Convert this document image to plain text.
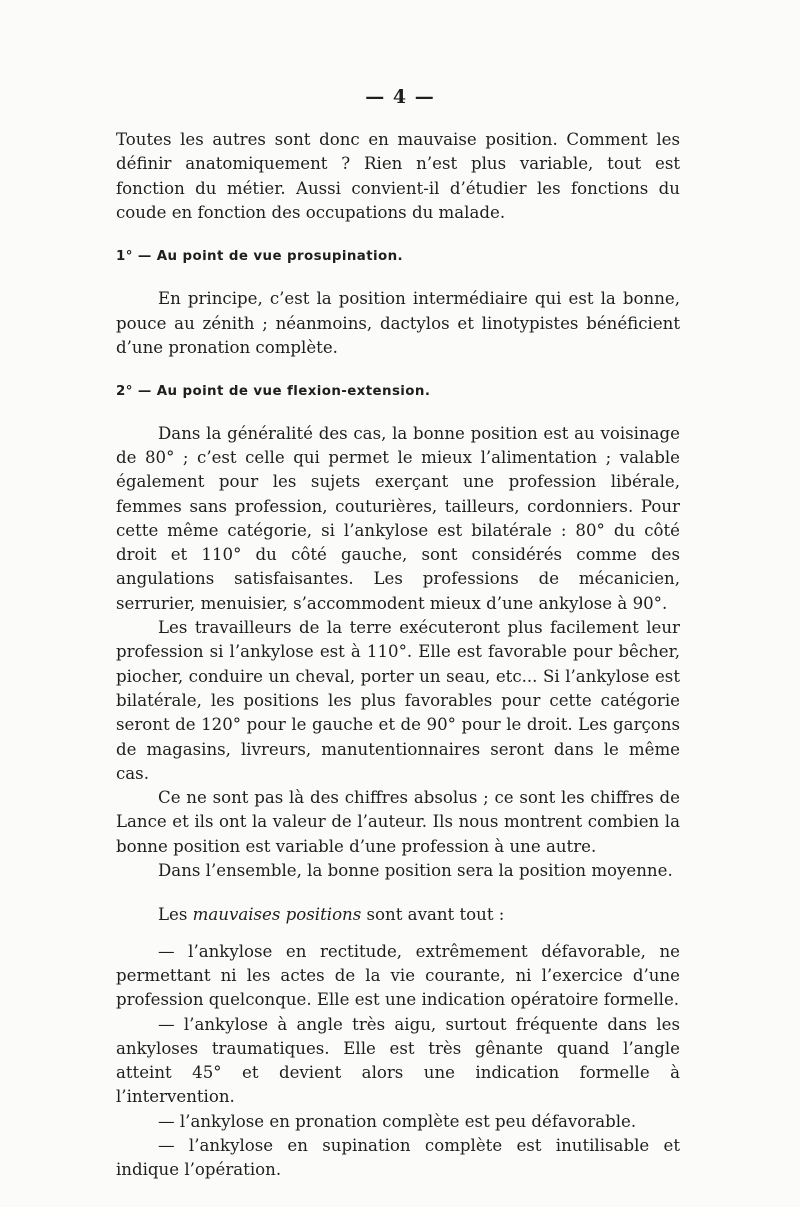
— 4 —

Toutes les autres sont donc en mauvaise position. Comment les définir anatomiquement ? Rien n’est plus variable, tout est fonction du métier. Aussi convient-il d’étudier les fonctions du coude en fonction des occupations du malade.

1° — Au point de vue prosupination.

En principe, c’est la position intermédiaire qui est la bonne, pouce au zénith ; néanmoins, dactylos et linotypistes bénéficient d’une pronation complète.

2° — Au point de vue flexion-extension.

Dans la généralité des cas, la bonne position est au voisinage de 80° ; c’est celle qui permet le mieux l’alimentation ; valable également pour les sujets exerçant une profession libérale, femmes sans profession, couturières, tailleurs, cordonniers. Pour cette même catégorie, si l’ankylose est bilatérale : 80° du côté droit et 110° du côté gauche, sont considérés comme des angulations satisfaisantes. Les professions de mécanicien, serrurier, menuisier, s’accommodent mieux d’une ankylose à 90°.

Les travailleurs de la terre exécuteront plus facilement leur profession si l’ankylose est à 110°. Elle est favorable pour bêcher, piocher, conduire un cheval, porter un seau, etc... Si l’ankylose est bilatérale, les positions les plus favorables pour cette catégorie seront de 120° pour le gauche et de 90° pour le droit. Les garçons de magasins, livreurs, manutentionnaires seront dans le même cas.

Ce ne sont pas là des chiffres absolus ; ce sont les chiffres de Lance et ils ont la valeur de l’auteur. Ils nous montrent combien la bonne position est variable d’une profession à une autre.

Dans l’ensemble, la bonne position sera la position moyenne.

Les mauvaises positions sont avant tout :

— l’ankylose en rectitude, extrêmement défavorable, ne permettant ni les actes de la vie courante, ni l’exercice d’une profession quelconque. Elle est une indication opératoire formelle.

— l’ankylose à angle très aigu, surtout fréquente dans les ankyloses traumatiques. Elle est très gênante quand l’angle atteint 45° et devient alors une indication formelle à l’intervention.

— l’ankylose en pronation complète est peu défavorable.

— l’ankylose en supination complète est inutilisable et indique l’opération.
